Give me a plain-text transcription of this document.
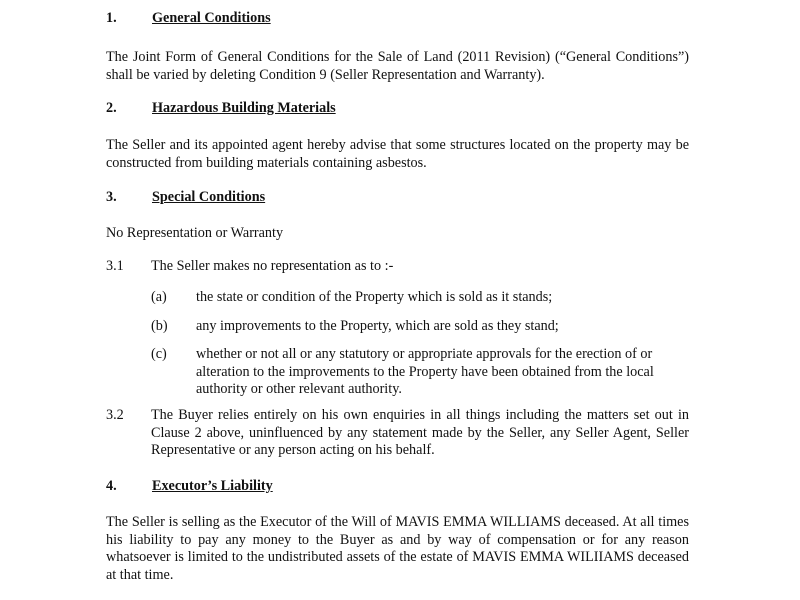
1. General Conditions
The Joint Form of General Conditions for the Sale of Land (2011 Revision) (“General Conditions”) shall be varied by deleting Condition 9 (Seller Representation and Warranty).
2. Hazardous Building Materials
The Seller and its appointed agent hereby advise that some structures located on the property may be constructed from building materials containing asbestos.
3. Special Conditions
No Representation or Warranty
3.1 The Seller makes no representation as to :-
(a) the state or condition of the Property which is sold as it stands;
(b) any improvements to the Property, which are sold as they stand;
(c) whether or not all or any statutory or appropriate approvals for the erection of or alteration to the improvements to the Property have been obtained from the local authority or other relevant authority.
3.2 The Buyer relies entirely on his own enquiries in all things including the matters set out in Clause 2 above, uninfluenced by any statement made by the Seller, any Seller Agent, Seller Representative or any person acting on his behalf.
4. Executor’s Liability
The Seller is selling as the Executor of the Will of MAVIS EMMA WILLIAMS deceased. At all times his liability to pay any money to the Buyer as and by way of compensation or for any reason whatsoever is limited to the undistributed assets of the estate of MAVIS EMMA WILIIAMS deceased at that time.
